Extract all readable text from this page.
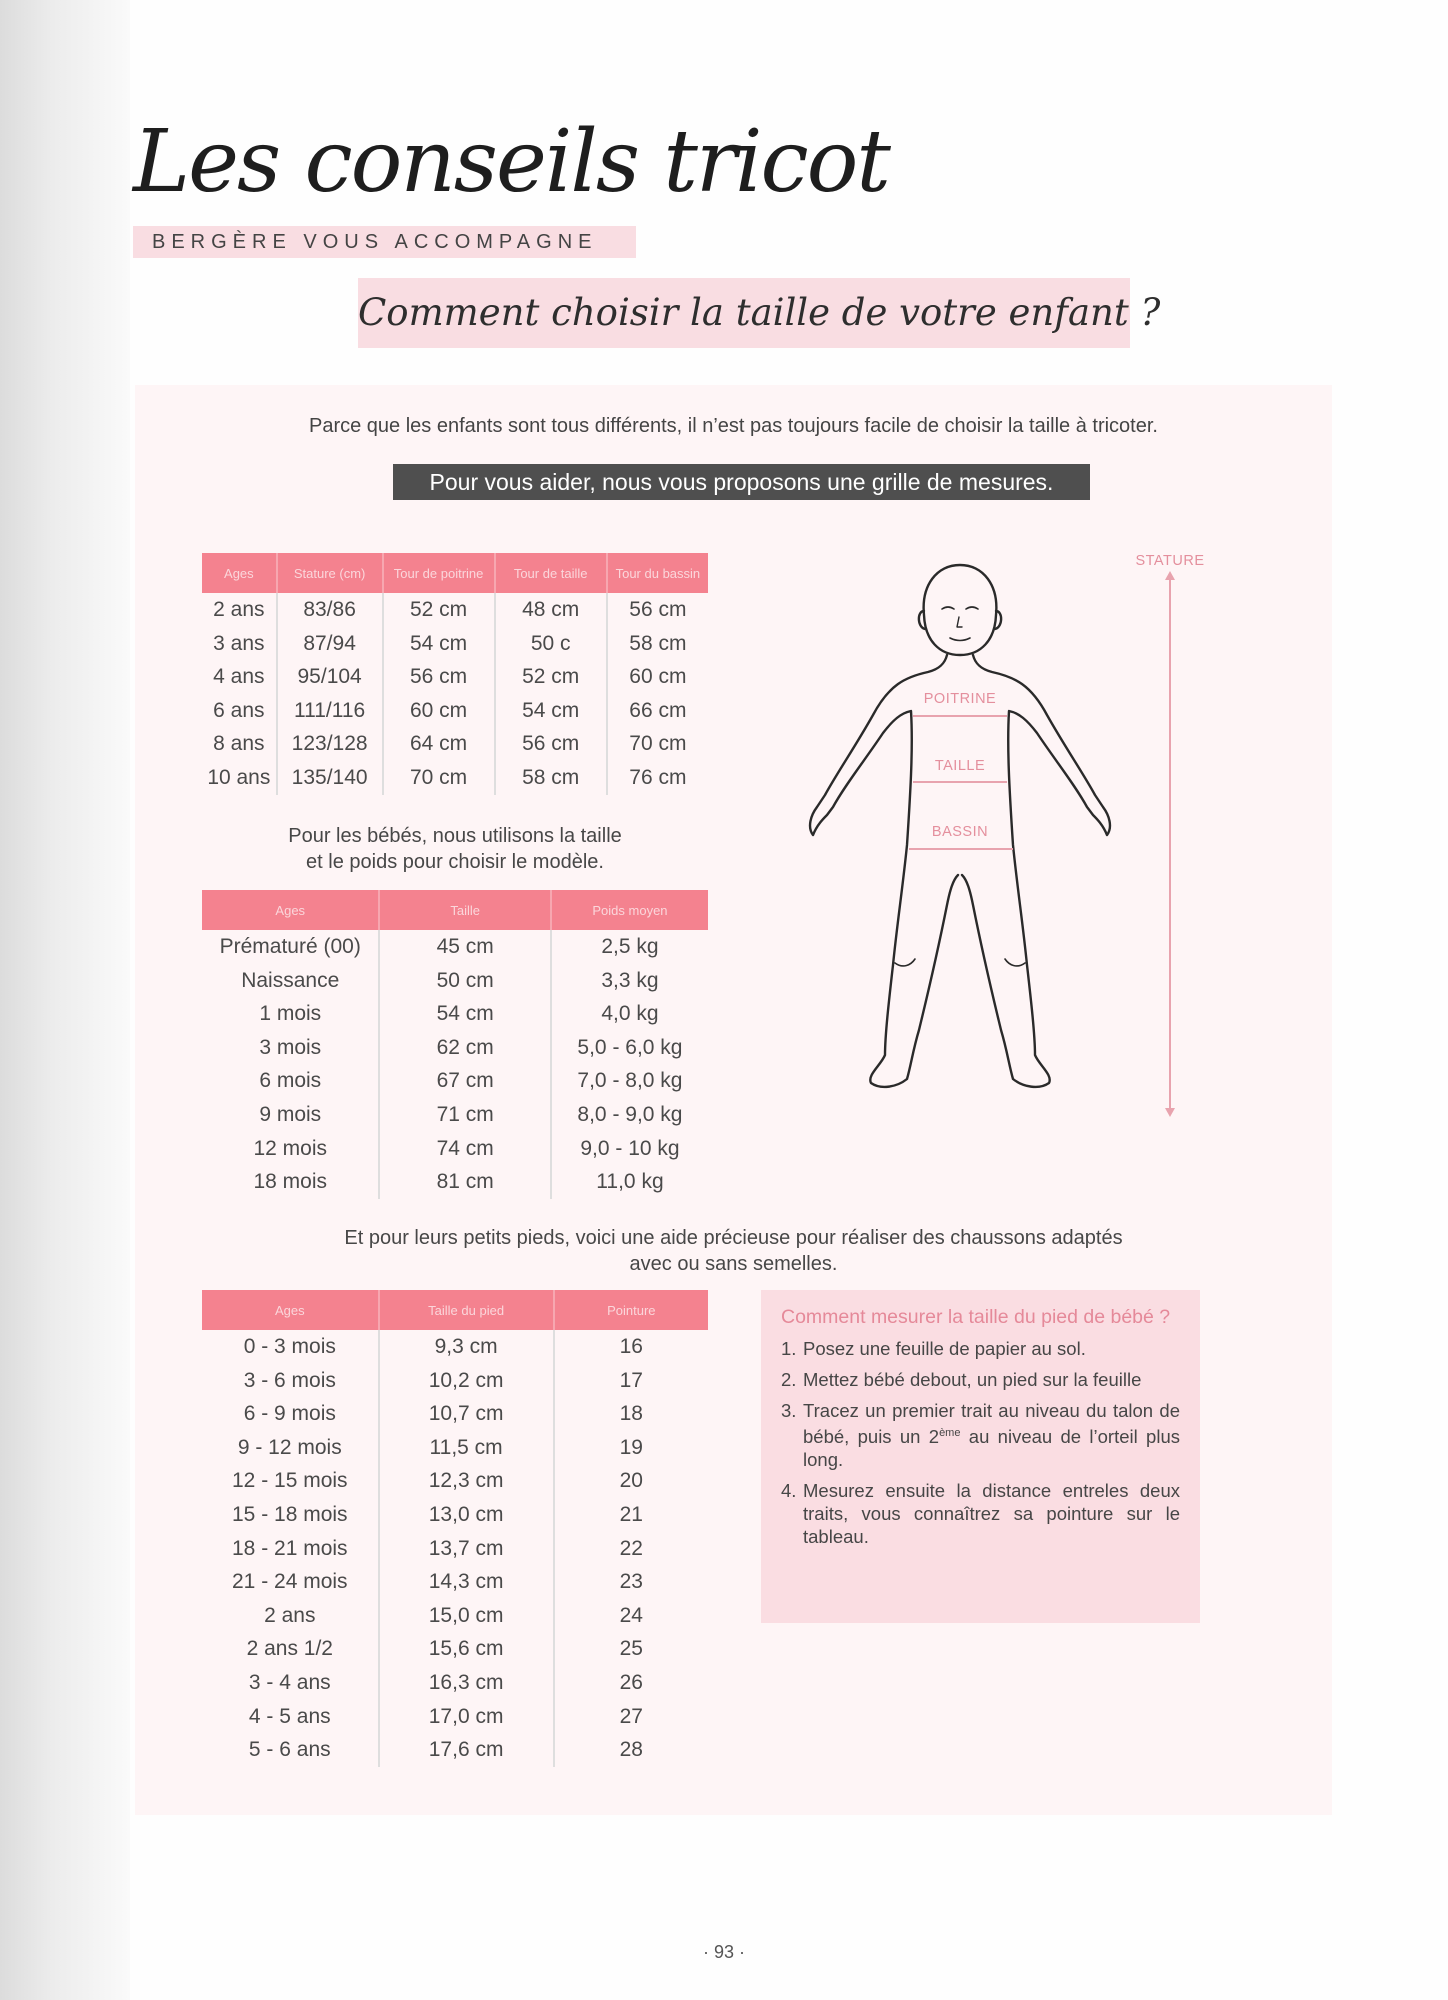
Les conseils tricot
BERGÈRE VOUS ACCOMPAGNE
Comment choisir la taille de votre enfant ?
Parce que les enfants sont tous différents, il n’est pas toujours facile de choisir la taille à tricoter.
Pour vous aider, nous vous proposons une grille de mesures.
Ages	Stature (cm)	Tour de poitrine	Tour de taille	Tour du bassin
2 ans	83/86	52 cm	48 cm	56 cm
3 ans	87/94	54 cm	50 c	58 cm
4 ans	95/104	56 cm	52 cm	60 cm
6 ans	111/116	60 cm	54 cm	66 cm
8 ans	123/128	64 cm	56 cm	70 cm
10 ans	135/140	70 cm	58 cm	76 cm
Pour les bébés, nous utilisons la taille
et le poids pour choisir le modèle.
Ages	Taille	Poids moyen
Prématuré (00)	45 cm	2,5 kg
Naissance	50 cm	3,3 kg
1 mois	54 cm	4,0 kg
3 mois	62 cm	5,0 - 6,0 kg
6 mois	67 cm	7,0 - 8,0 kg
9 mois	71 cm	8,0 - 9,0 kg
12 mois	74 cm	9,0 - 10 kg
18 mois	81 cm	11,0 kg
Et pour leurs petits pieds, voici une aide précieuse pour réaliser des chaussons adaptés
avec ou sans semelles.
Ages	Taille du pied	Pointure
0 - 3 mois	9,3 cm	16
3 - 6 mois	10,2 cm	17
6 - 9 mois	10,7 cm	18
9 - 12 mois	11,5 cm	19
12 - 15 mois	12,3 cm	20
15 - 18 mois	13,0 cm	21
18 - 21 mois	13,7 cm	22
21 - 24 mois	14,3 cm	23
2 ans	15,0 cm	24
2 ans 1/2	15,6 cm	25
3 - 4 ans	16,3 cm	26
4 - 5 ans	17,0 cm	27
5 - 6 ans	17,6 cm	28
Comment mesurer la taille du pied de bébé ?
1. Posez une feuille de papier au sol.
2. Mettez bébé debout, un pied sur la feuille
3. Tracez un premier trait au niveau du talon de bébé, puis un 2ème au niveau de l’orteil plus long.
4. Mesurez ensuite la distance entreles deux traits, vous connaîtrez sa pointure sur le tableau.
STATURE
POITRINE
TAILLE
BASSIN
· 93 ·
